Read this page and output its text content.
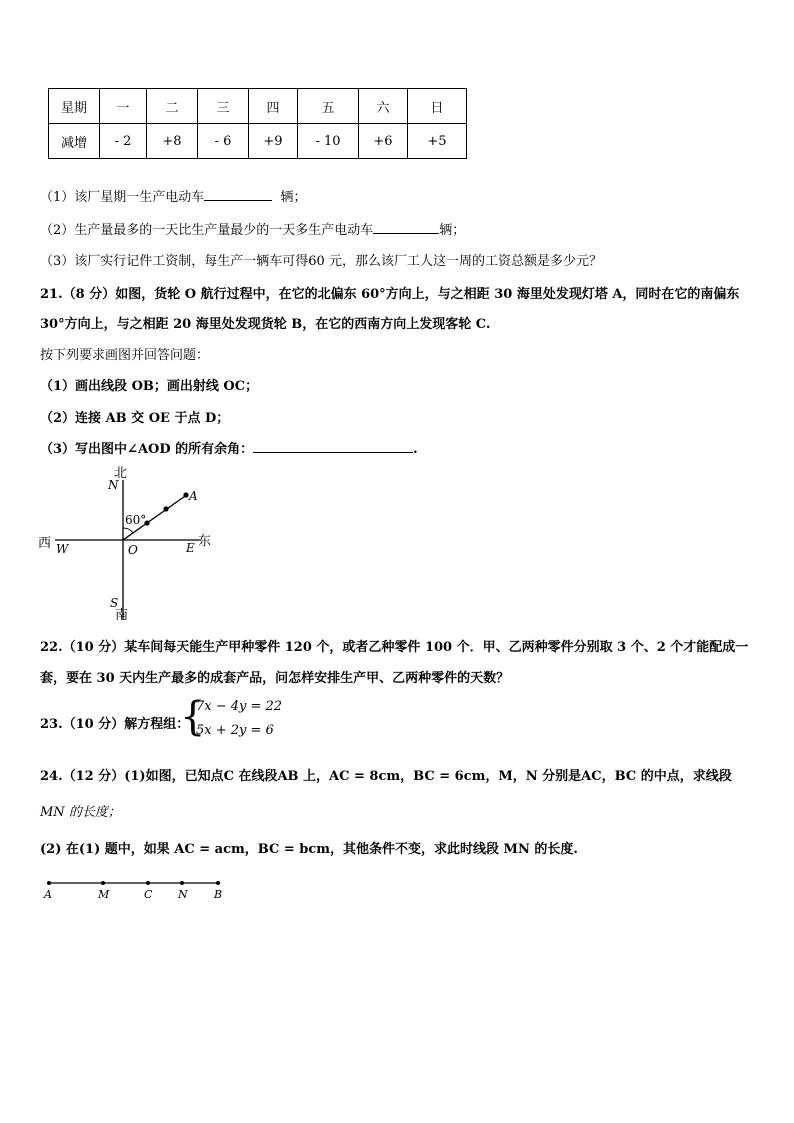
星期	一	二	三	四	五	六	日
减增	- 2	+8	- 6	+9	- 10	+6	+5
（1）该厂星期一生产电动车	辆；
（2）生产量最多的一天比生产量最少的一天多生产电动车	辆；
（3）该厂实行记件工资制，每生产一辆车可得60 元，那么该厂工人这一周的工资总额是多少元？
21.（8 分）如图，货轮 O 航行过程中，在它的北偏东 60°方向上，与之相距 30 海里处发现灯塔 A，同时在它的南偏东
30°方向上，与之相距 20 海里处发现货轮 B，在它的西南方向上发现客轮 C.
按下列要求画图并回答问题：
（1）画出线段 OB；画出射线 OC；
（2）连接 AB 交 OE 于点 D；
（3）写出图中∠AOD 的所有余角：	.
北
N
A
60°
西 W	O	E 东
S
南
22.（10 分）某车间每天能生产甲种零件 120 个，或者乙种零件 100 个．甲、乙两种零件分别取 3 个、2 个才能配成一
套，要在 30 天内生产最多的成套产品，问怎样安排生产甲、乙两种零件的天数？
23.（10 分）解方程组：
{
7x − 4y = 22
5x + 2y = 6
24.（12 分）(1)如图，已知点C 在线段AB 上，AC = 8cm，BC = 6cm，M，N 分别是AC，BC 的中点，求线段
MN 的长度；
(2) 在(1) 题中，如果 AC = acm，BC = bcm，其他条件不变，求此时线段 MN 的长度.
A	M	C N B
